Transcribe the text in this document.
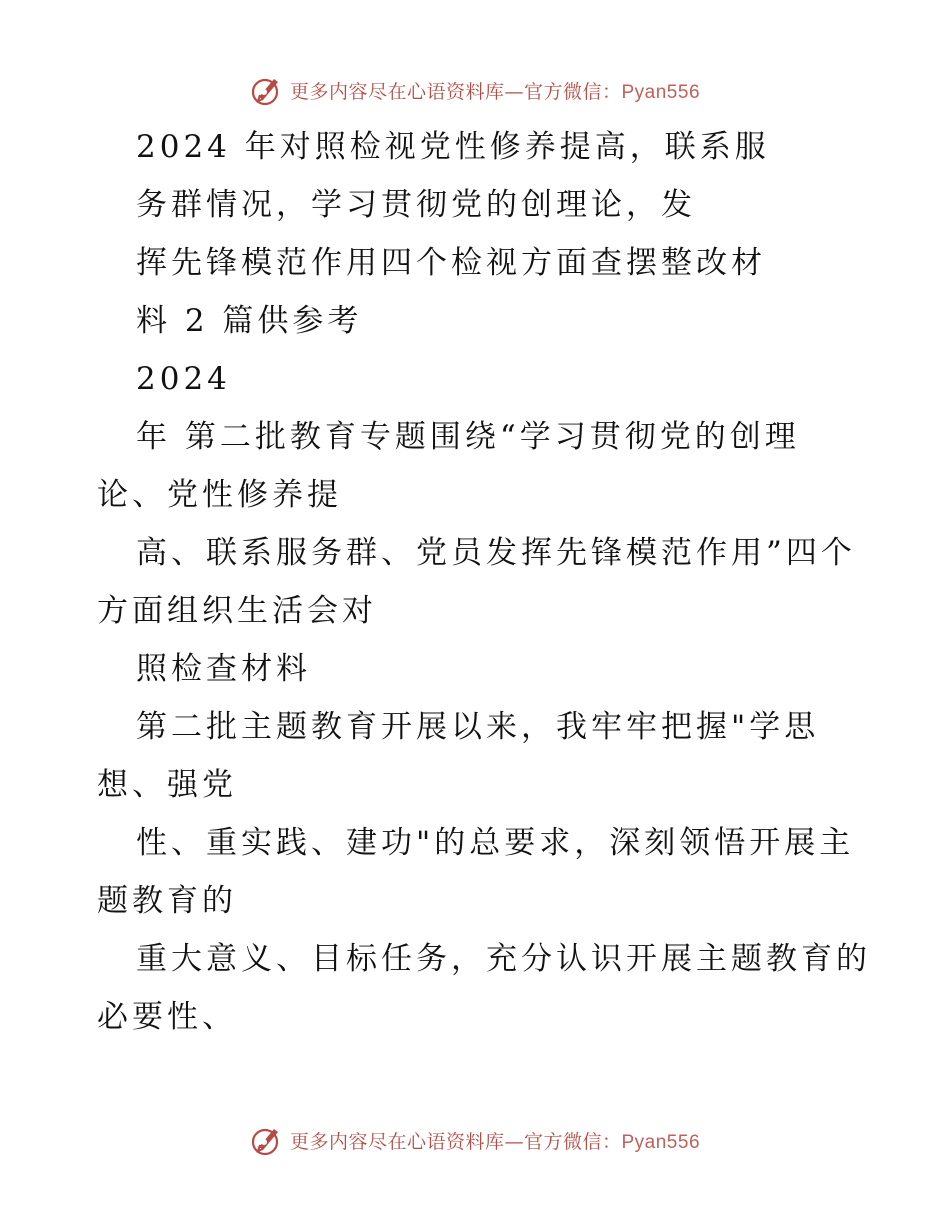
更多内容尽在心语资料库—官方微信：Pyan556
2024 年对照检视党性修养提高，联系服
务群情况，学习贯彻党的创理论，发
挥先锋模范作用四个检视方面查摆整改材
料 2 篇供参考
2024
年 第二批教育专题围绕“学习贯彻党的创理
论、党性修养提
高、联系服务群、党员发挥先锋模范作用”四个
方面组织生活会对
照检查材料
第二批主题教育开展以来，我牢牢把握"学思
想、强党
性、重实践、建功"的总要求，深刻领悟开展主
题教育的
重大意义、目标任务，充分认识开展主题教育的
必要性、
更多内容尽在心语资料库—官方微信：Pyan556
